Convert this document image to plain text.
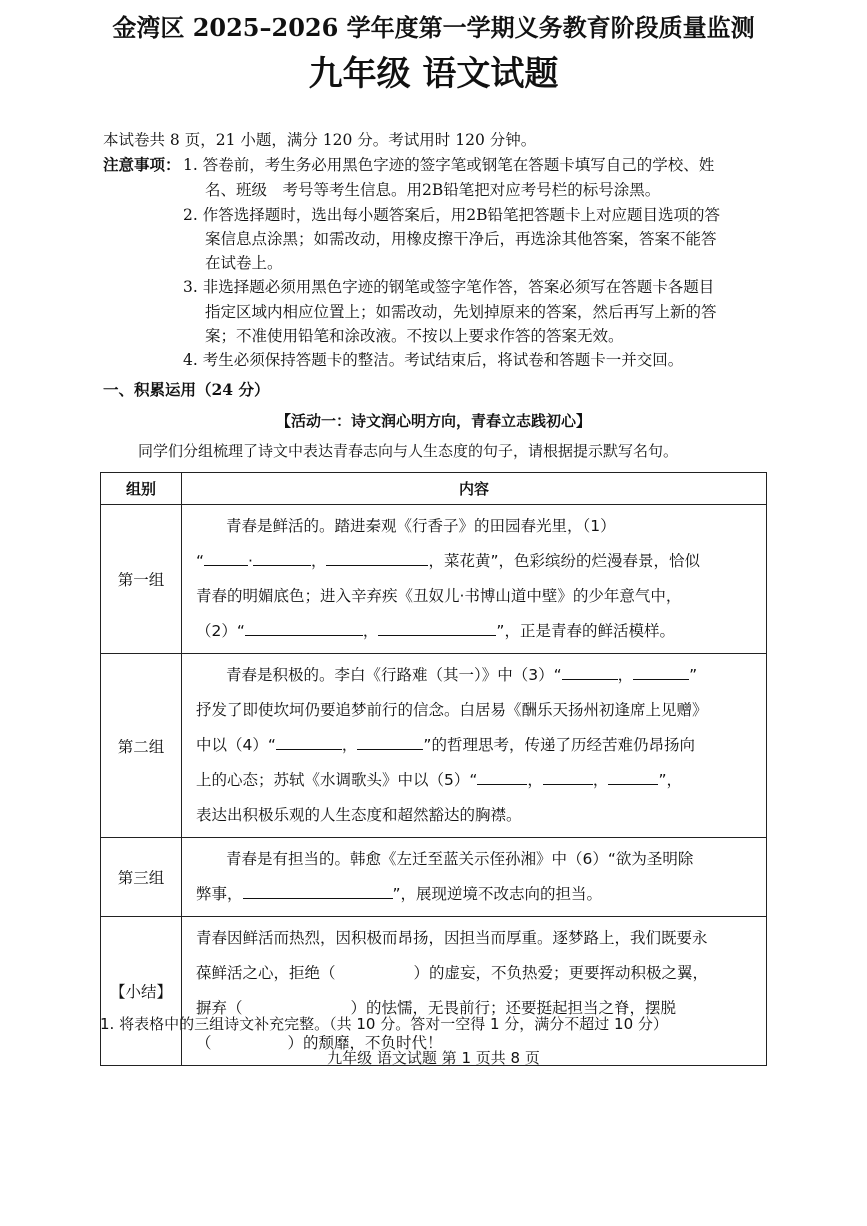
金湾区 2025–2026 学年度第一学期义务教育阶段质量监测
九年级 语文试题
本试卷共 8 页，21 小题，满分 120 分。考试用时 120 分钟。
注意事项： 1. 答卷前，考生务必用黑色字迹的签字笔或钢笔在答题卡填写自己的学校、姓
名、班级　考号等考生信息。用2B铅笔把对应考号栏的标号涂黑。
2. 作答选择题时，选出每小题答案后，用2B铅笔把答题卡上对应题目选项的答
案信息点涂黑；如需改动，用橡皮擦干净后，再选涂其他答案，答案不能答
在试卷上。
3. 非选择题必须用黑色字迹的钢笔或签字笔作答，答案必须写在答题卡各题目
指定区域内相应位置上；如需改动，先划掉原来的答案，然后再写上新的答
案；不准使用铅笔和涂改液。不按以上要求作答的答案无效。
4. 考生必须保持答题卡的整洁。考试结束后，将试卷和答题卡一并交回。
一、积累运用（24 分）
【活动一：诗文润心明方向，青春立志践初心】
同学们分组梳理了诗文中表达青春志向与人生态度的句子，请根据提示默写名句。
组别	内容
第一组	青春是鲜活的。踏进秦观《行香子》的田园春光里，（1）
“ · ， ，菜花黄”，色彩缤纷的烂漫春景，恰似
青春的明媚底色；进入辛弃疾《丑奴儿·书博山道中壁》的少年意气中，
（2）“ ， ”，正是青春的鲜活模样。

第二组	青春是积极的。李白《行路难（其一）》中（3）“ ， ”
抒发了即使坎坷仍要追梦前行的信念。白居易《酬乐天扬州初逢席上见赠》
中以（4）“ ， ”的哲理思考，传递了历经苦难仍昂扬向
上的心态；苏轼《水调歌头》中以（5）“ ， ， ”，
表达出积极乐观的人生态度和超然豁达的胸襟。

第三组	青春是有担当的。韩愈《左迁至蓝关示侄孙湘》中（6）“欲为圣明除
弊事， ”，展现逆境不改志向的担当。

【小结】	青春因鲜活而热烈，因积极而昂扬，因担当而厚重。逐梦路上，我们既要永
葆鲜活之心，拒绝（ ）的虚妄，不负热爱；更要挥动积极之翼，
摒弃（ ）的怯懦，无畏前行；还要挺起担当之脊，摆脱
（ ）的颓靡，不负时代！
1. 将表格中的三组诗文补充完整。（共 10 分。答对一空得 1 分，满分不超过 10 分）
九年级 语文试题 第 1 页共 8 页
